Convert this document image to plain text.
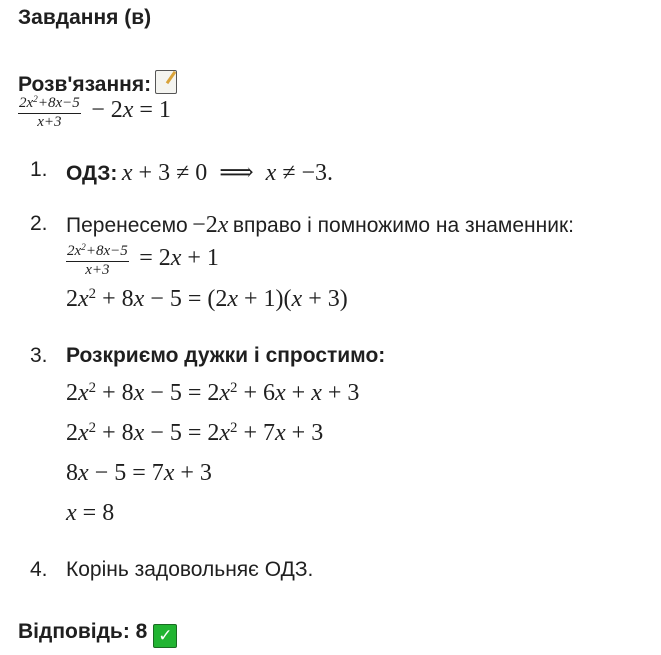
Завдання (в)
Розв'язання:
$\frac{2x^2+8x-5}{x+3} - 2x = 1$
1. ОДЗ: x + 3 ≠ 0  ⟹  x ≠ −3.
2. Перенесемо −2x вправо і помножимо на знаменник:
$\frac{2x^2+8x-5}{x+3} = 2x + 1$
$2x^2 + 8x - 5 = (2x + 1)(x + 3)$
3. Розкриємо дужки і спростимо:
$2x^2 + 8x - 5 = 2x^2 + 6x + x + 3$
$2x^2 + 8x - 5 = 2x^2 + 7x + 3$
8x − 5 = 7x + 3
x = 8
4. Корінь задовольняє ОДЗ.
Відповідь: 8 ✓
